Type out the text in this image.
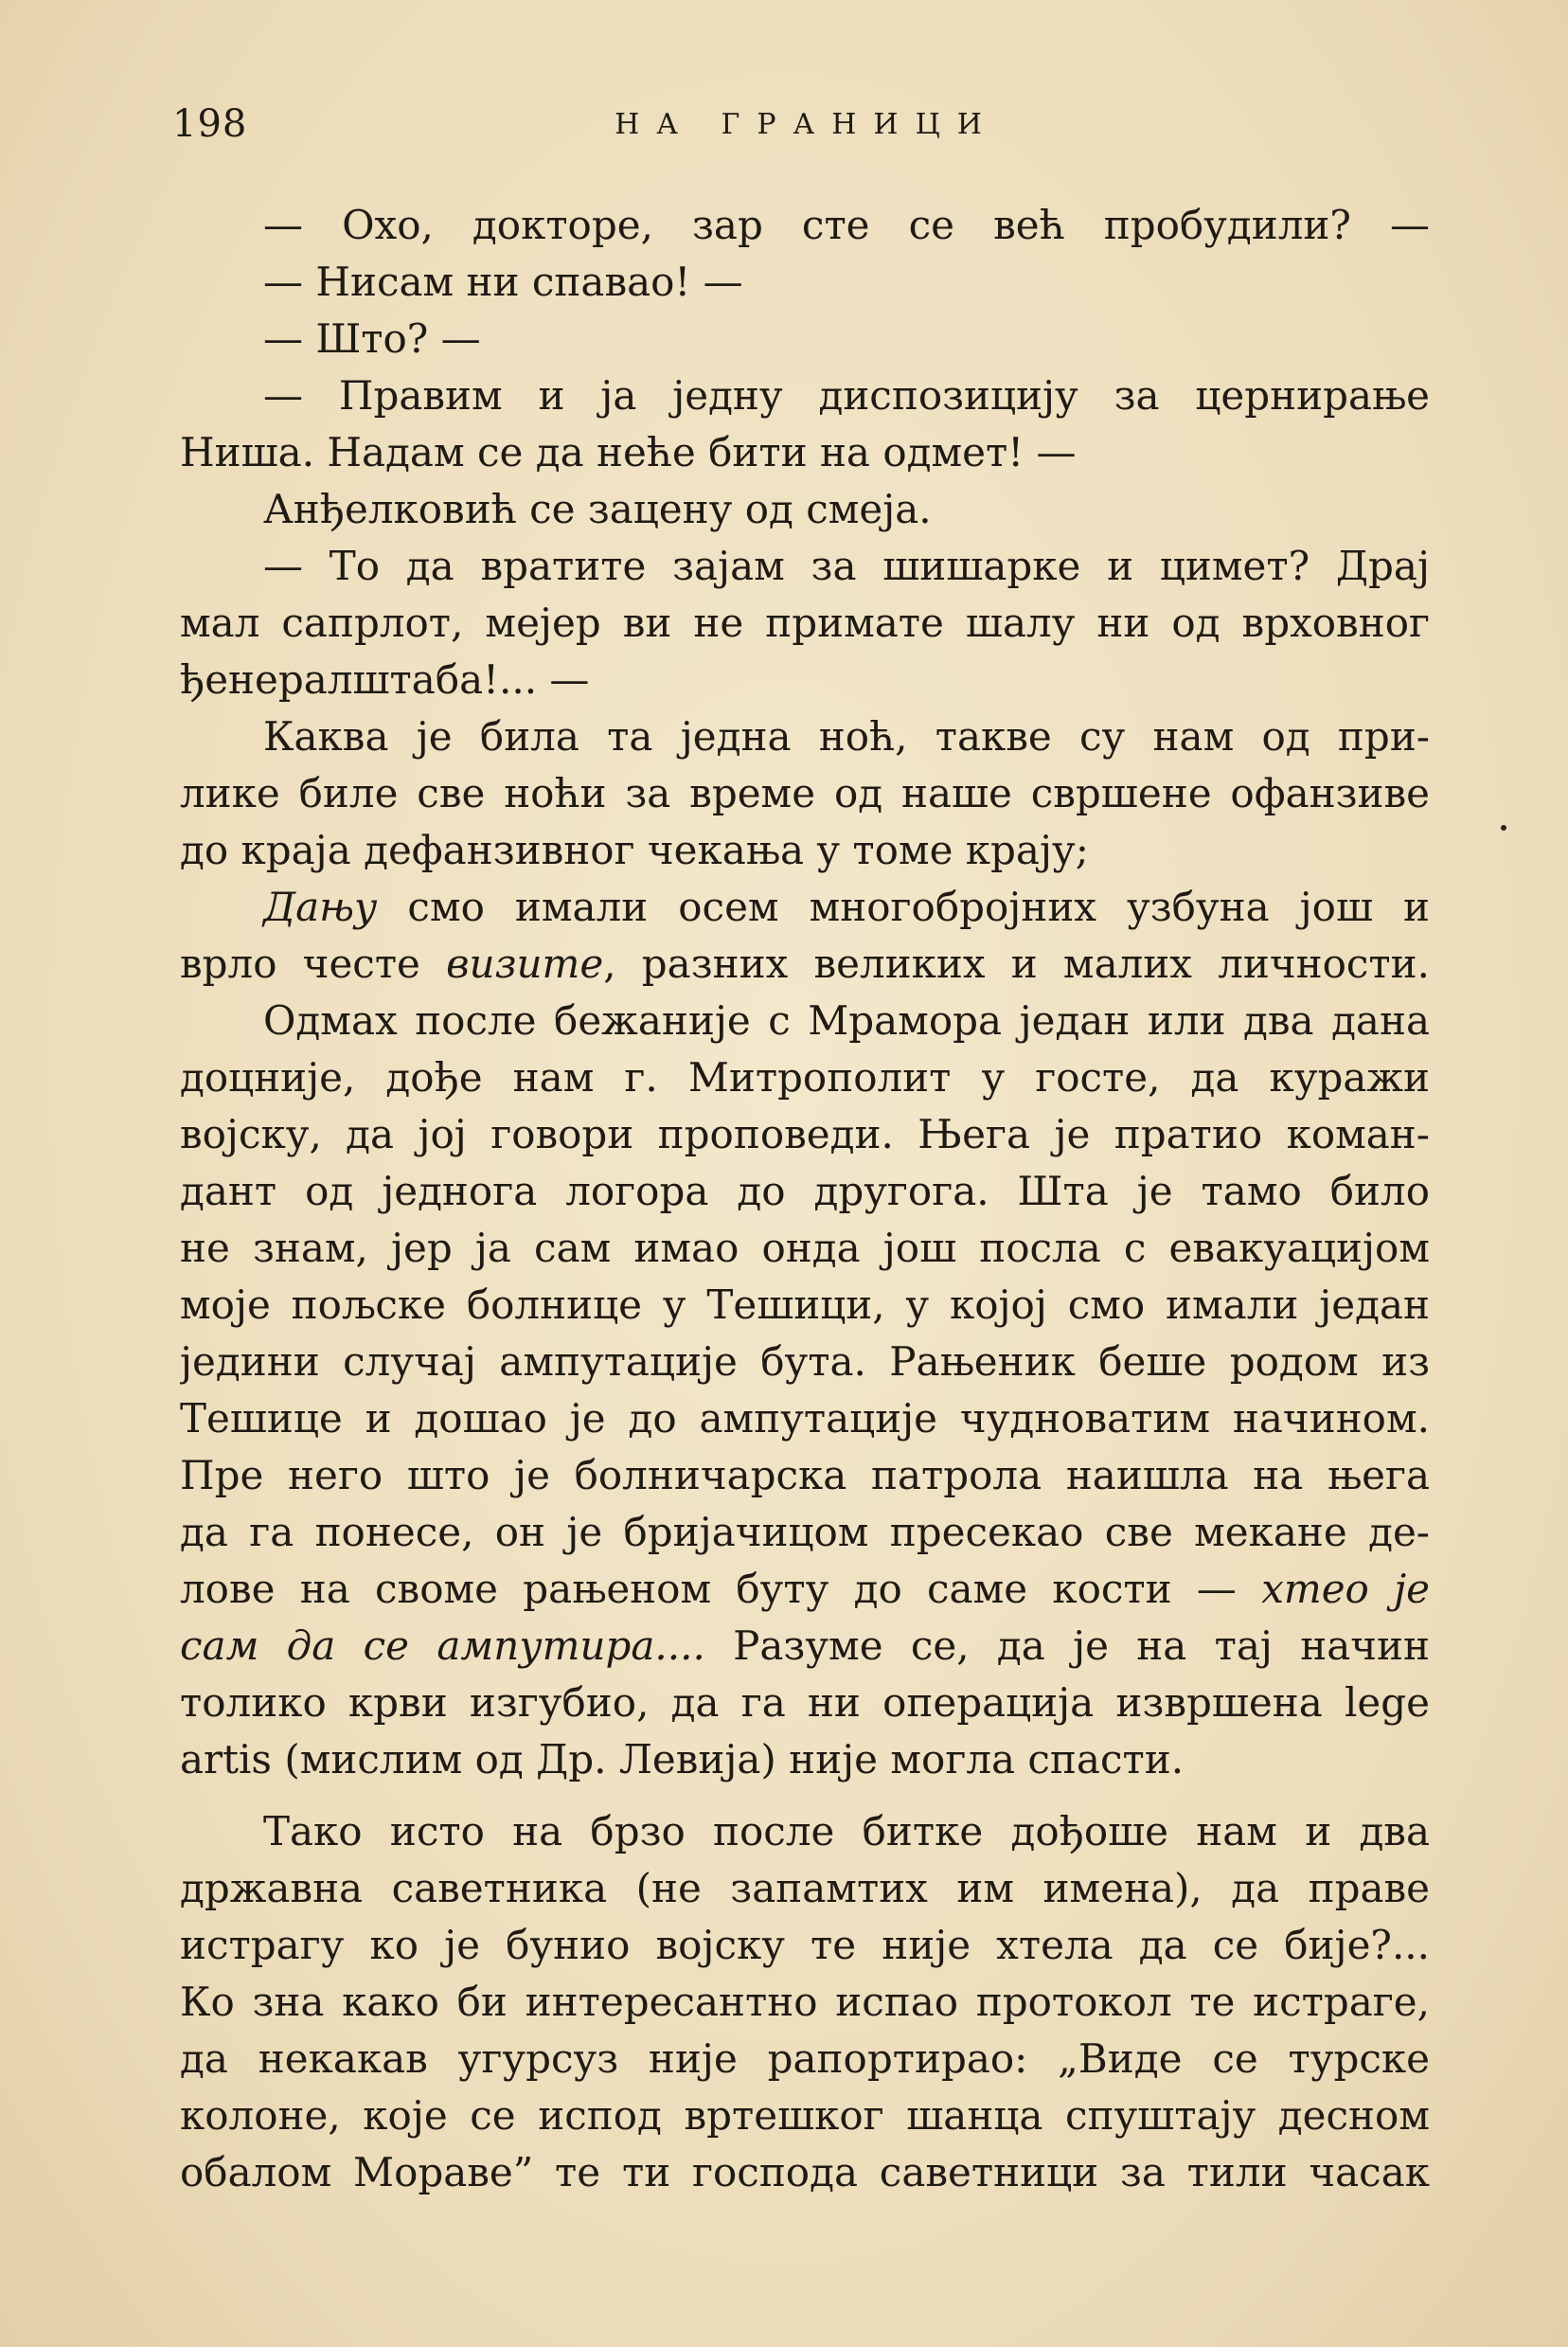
198	НА ГРАНИЦИ
— Охо, докторе, зар сте се већ пробудили? —
— Нисам ни спавао! —
— Што? —
— Правим и ја једну диспозицију за цернирање
Ниша. Надам се да неће бити на одмет! —
Анђелковић се зацену од смеја.
— То да вратите зајам за шишарке и цимет? Драј
мал сапрлот, мејер ви не примате шалу ни од врховног
ђенералштаба!... —
Каква је била та једна ноћ, такве су нам од при-
лике биле све ноћи за време од наше свршене офанзиве
до краја дефанзивног чекања у томе крају;
Дању смо имали осем многобројних узбуна још и
врло честе визите, разних великих и малих личности.
Одмах после бежаније с Мрамора један или два дана
доцније, дође нам г. Митрополит у госте, да куражи
војску, да јој говори проповеди. Њега је пратио коман-
дант од једнога логора до другога. Шта је тамо било
не знам, јер ја сам имао онда још посла с евакуацијом
моје пољске болнице у Тешици, у којој смо имали један
једини случај ампутације бута. Рањеник беше родом из
Тешице и дошао је до ампутације чудноватим начином.
Пре него што је болничарска патрола наишла на њега
да га понесе, он је бријачицом пресекао све мекане де-
лове на своме рањеном буту до саме кости — хтео је
сам да се ампутира.... Разуме се, да је на тај начин
толико крви изгубио, да га ни операција извршена lege
artis (мислим од Др. Левија) није могла спасти.
Тако исто на брзо после битке дођоше нам и два
државна саветника (не запамтих им имена), да праве
истрагу ко је бунио војску те није хтела да се бије?...
Ко зна како би интересантно испао протокол те истраге,
да некакав угурсуз није рапортирао: „Виде се турске
колоне, које се испод вртешког шанца спуштају десном
обалом Мораве” те ти господа саветници за тили часак
